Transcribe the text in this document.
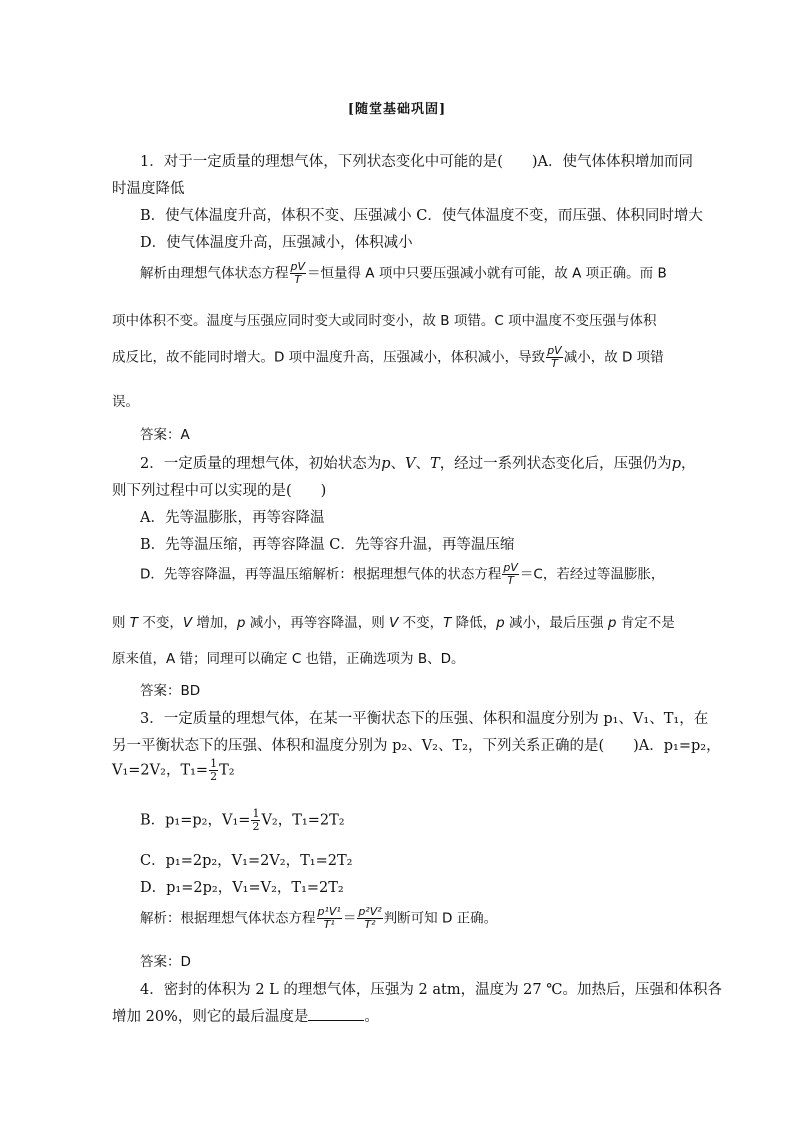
[随堂基础巩固]
1．对于一定质量的理想气体，下列状态变化中可能的是(　　)A．使气体体积增加而同
时温度降低
B．使气体温度升高，体积不变、压强减小 C．使气体温度不变，而压强、体积同时增大
D．使气体温度升高，压强减小，体积减小
解析由理想气体状态方程 $\frac{pV}{T}$ ＝恒量得 A 项中只要压强减小就有可能，故 A 项正确。而 B
项中体积不变。温度与压强应同时变大或同时变小，故 B 项错。C 项中温度不变压强与体积
成反比，故不能同时增大。D 项中温度升高，压强减小，体积减小，导致 $\frac{pV}{T}$ 减小，故 D 项错
误。
答案：A
2．一定质量的理想气体，初始状态为p、V、T，经过一系列状态变化后，压强仍为p，
则下列过程中可以实现的是(　　)
A．先等温膨胀，再等容降温
B．先等温压缩，再等容降温 C．先等容升温，再等温压缩
D．先等容降温，再等温压缩解析：根据理想气体的状态方程 $\frac{pV}{T} =C$，若经过等温膨胀，
则 T 不变，V 增加，p 减小，再等容降温，则 V 不变，T 降低，p 减小，最后压强 p 肯定不是
原来值，A 错；同理可以确定 C 也错，正确选项为 B、D。
答案：BD
3．一定质量的理想气体，在某一平衡状态下的压强、体积和温度分别为 p₁、V₁、T₁，在
另一平衡状态下的压强、体积和温度分别为 p₂、V₂、T₂，下列关系正确的是(　　)A．p₁=p₂，
V₁=2V₂，$T_1= \frac{1}{2} T_2$
B．p₁=p₂，$V_1= \frac{1}{2} V_2$，T₁=2T₂
C．p₁=2p₂，V₁=2V₂，T₁=2T₂
D．p₁=2p₂，V₁=V₂，T₁=2T₂
解析：根据理想气体状态方程 $\frac{\text{p¹V¹}}{\text{T¹}} = \frac{\text{p²V²}}{\text{T²}}$ 判断可知 D 正确。
答案：D
4．密封的体积为 2 L 的理想气体，压强为 2 atm，温度为 27 ℃。加热后，压强和体积各
增加 20%，则它的最后温度是	。
